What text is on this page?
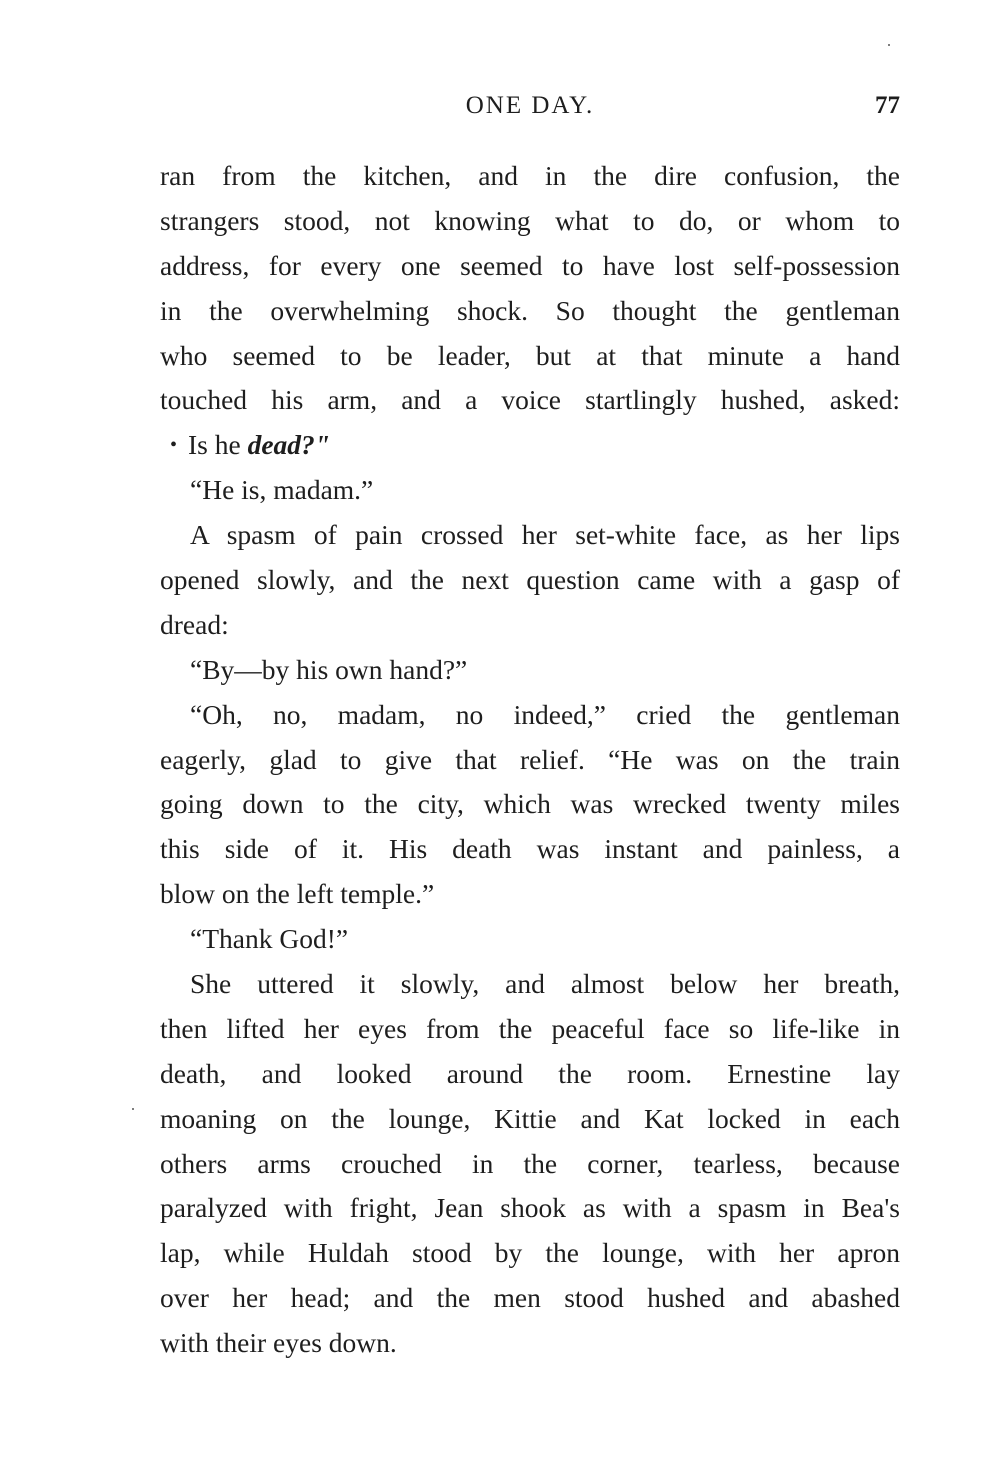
ONE DAY.	77
ran from the kitchen, and in the dire confusion, the
strangers stood, not knowing what to do, or whom to
address, for every one seemed to have lost self-possession
in the overwhelming shock. So thought the gentleman
who seemed to be leader, but at that minute a hand
touched his arm, and a voice startlingly hushed, asked:
• Is he dead?"
“He is, madam.”
A spasm of pain crossed her set-white face, as her lips
opened slowly, and the next question came with a gasp of
dread:
“By—by his own hand?”
“Oh, no, madam, no indeed,” cried the gentleman
eagerly, glad to give that relief. “He was on the train
going down to the city, which was wrecked twenty miles
this side of it. His death was instant and painless, a
blow on the left temple.”
“Thank God!”
She uttered it slowly, and almost below her breath,
then lifted her eyes from the peaceful face so life-like in
death, and looked around the room. Ernestine lay
moaning on the lounge, Kittie and Kat locked in each
others arms crouched in the corner, tearless, because
paralyzed with fright, Jean shook as with a spasm in Bea's
lap, while Huldah stood by the lounge, with her apron
over her head; and the men stood hushed and abashed
with their eyes down.
